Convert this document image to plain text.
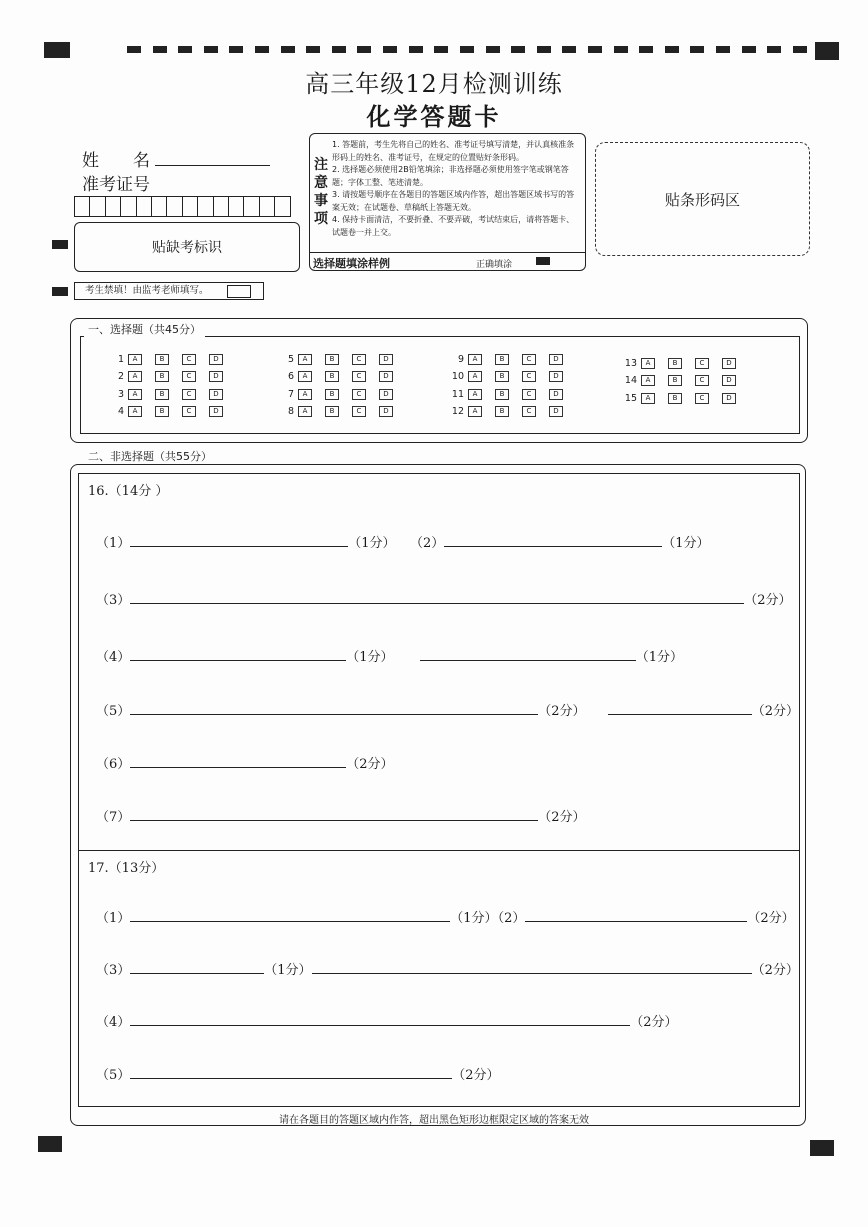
高三年级12月检测训练
化学答题卡
姓　　名
准考证号
贴缺考标识
考生禁填！由监考老师填写。
注意事项
1. 答题前，考生先将自己的姓名、准考证号填写清楚，并认真核准条形码上的姓名、准考证号，在规定的位置贴好条形码。
2. 选择题必须使用2B铅笔填涂；非选择题必须使用签字笔或钢笔答题；字体工整、笔迹清楚。
3. 请按题号顺序在各题目的答题区域内作答，超出答题区域书写的答案无效；在试题卷、草稿纸上答题无效。
4. 保持卡面清洁，不要折叠、不要弄破，考试结束后，请将答题卡、试题卷一并上交。
选择题填涂样例	正确填涂
贴条形码区
一、选择题（共45分）
1	A	B	C	D
2	A	B	C	D
3	A	B	C	D
4	A	B	C	D
5	A	B	C	D
6	A	B	C	D
7	A	B	C	D
8	A	B	C	D
9	A	B	C	D
10	A	B	C	D
11	A	B	C	D
12	A	B	C	D
13	A	B	C	D
14	A	B	C	D
15	A	B	C	D
二、非选择题（共55分）
16.（14分 ）
（1）	（1分） （2）	（1分）
（3）	（2分）
（4）	（1分）	（1分）
（5）	（2分）	（2分）
（6）	（2分）
（7）	（2分）
17.（13分）
（1）	（1分）（2）	（2分）
（3）	（1分）	（2分）
（4）	（2分）
（5）	（2分）
请在各题目的答题区域内作答，超出黑色矩形边框限定区域的答案无效
